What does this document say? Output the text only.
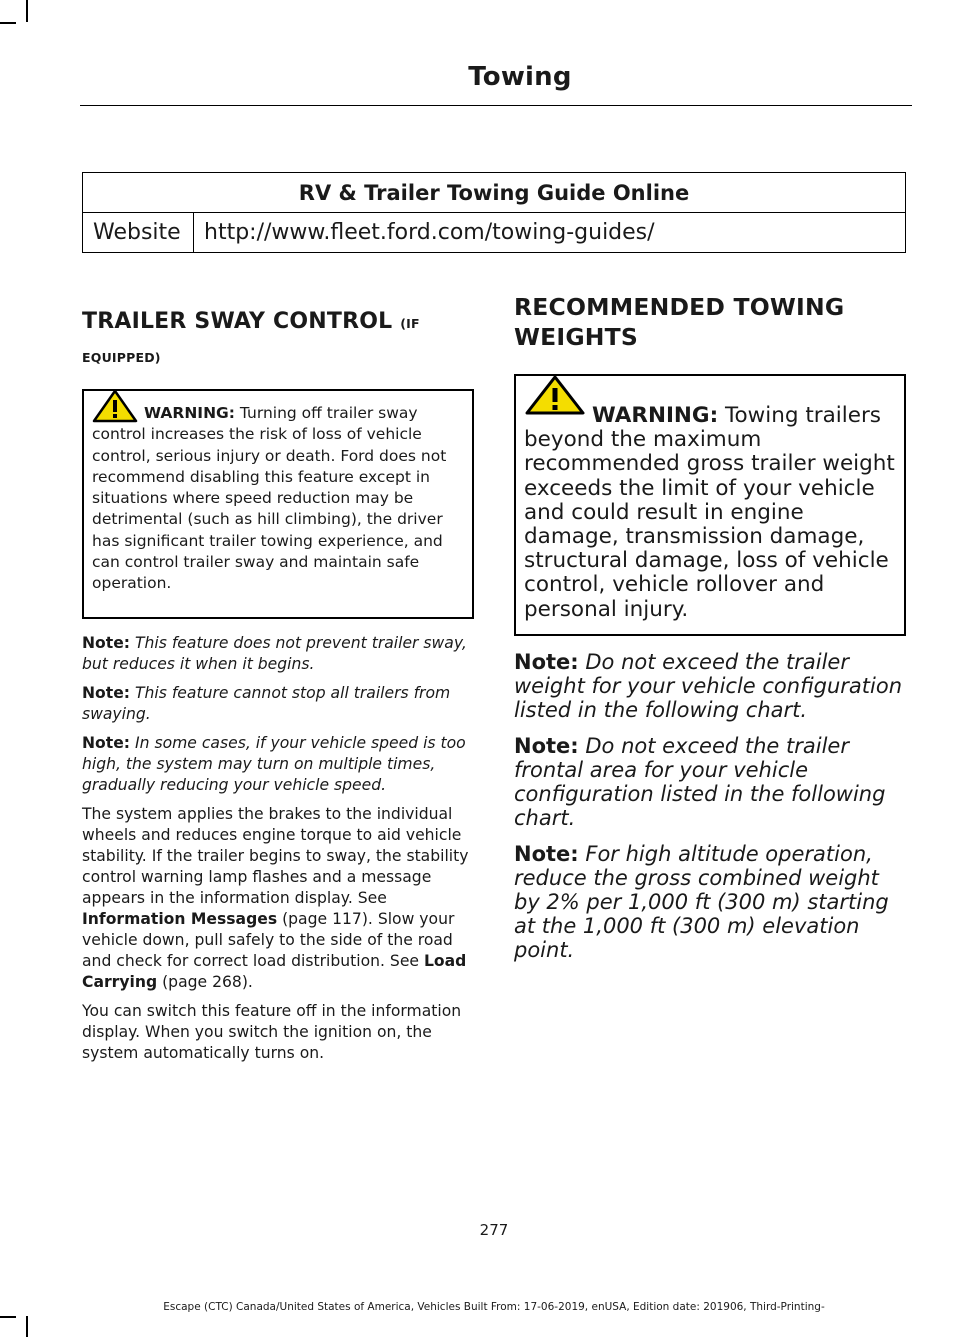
Towing
RV & Trailer Towing Guide Online
Website	http://www.fleet.ford.com/towing-guides/
TRAILER SWAY CONTROL (IF EQUIPPED)
WARNING: Turning off trailer sway control increases the risk of loss of vehicle control, serious injury or death. Ford does not recommend disabling this feature except in situations where speed reduction may be detrimental (such as hill climbing), the driver has significant trailer towing experience, and can control trailer sway and maintain safe operation.

Note: This feature does not prevent trailer sway, but reduces it when it begins.

Note: This feature cannot stop all trailers from swaying.

Note: In some cases, if your vehicle speed is too high, the system may turn on multiple times, gradually reducing your vehicle speed.

The system applies the brakes to the individual wheels and reduces engine torque to aid vehicle stability. If the trailer begins to sway, the stability control warning lamp flashes and a message appears in the information display. See Information Messages (page 117). Slow your vehicle down, pull safely to the side of the road and check for correct load distribution. See Load Carrying (page 268).

You can switch this feature off in the information display. When you switch the ignition on, the system automatically turns on.

RECOMMENDED TOWING WEIGHTS
WARNING: Towing trailers beyond the maximum recommended gross trailer weight exceeds the limit of your vehicle and could result in engine damage, transmission damage, structural damage, loss of vehicle control, vehicle rollover and personal injury.

Note: Do not exceed the trailer weight for your vehicle configuration listed in the following chart.

Note: Do not exceed the trailer frontal area for your vehicle configuration listed in the following chart.

Note: For high altitude operation, reduce the gross combined weight by 2% per 1,000 ft (300 m) starting at the 1,000 ft (300 m) elevation point.

277
Escape (CTC) Canada/United States of America, Vehicles Built From: 17-06-2019, enUSA, Edition date: 201906, Third-Printing-
